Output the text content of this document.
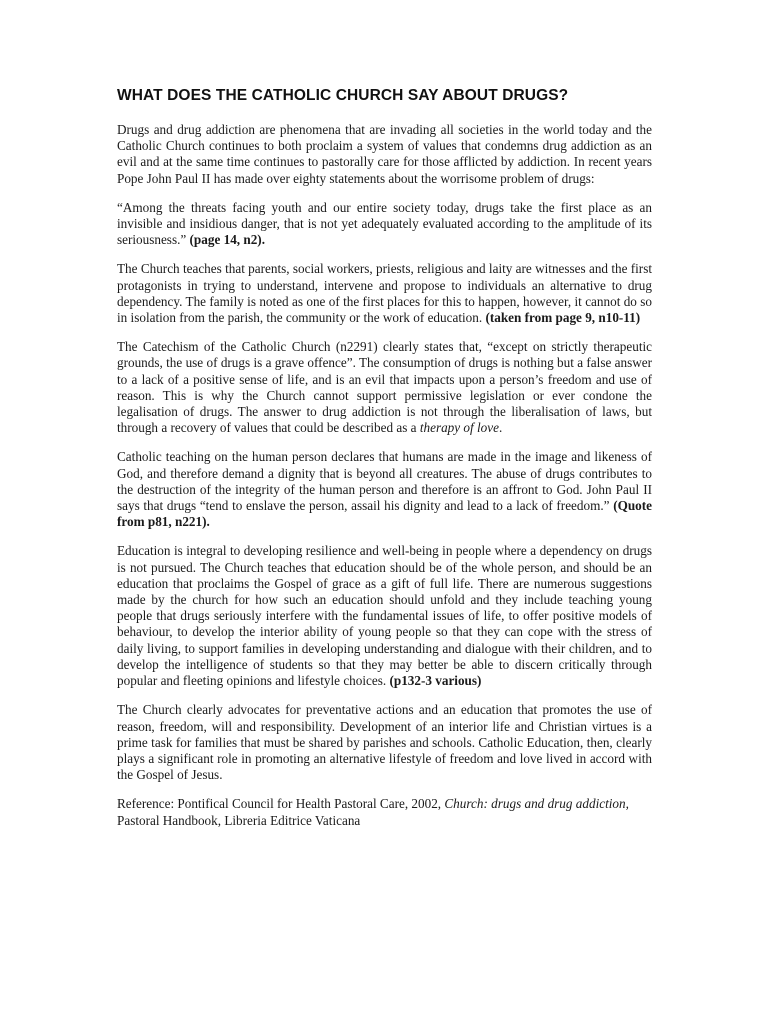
WHAT DOES THE CATHOLIC CHURCH SAY ABOUT DRUGS?

Drugs and drug addiction are phenomena that are invading all societies in the world today and the Catholic Church continues to both proclaim a system of values that condemns drug addiction as an evil and at the same time continues to pastorally care for those afflicted by addiction. In recent years Pope John Paul II has made over eighty statements about the worrisome problem of drugs:

“Among the threats facing youth and our entire society today, drugs take the first place as an invisible and insidious danger, that is not yet adequately evaluated according to the amplitude of its seriousness.” (page 14, n2).

The Church teaches that parents, social workers, priests, religious and laity are witnesses and the first protagonists in trying to understand, intervene and propose to individuals an alternative to drug dependency. The family is noted as one of the first places for this to happen, however, it cannot do so in isolation from the parish, the community or the work of education. (taken from page 9, n10-11)

The Catechism of the Catholic Church (n2291) clearly states that, “except on strictly therapeutic grounds, the use of drugs is a grave offence”. The consumption of drugs is nothing but a false answer to a lack of a positive sense of life, and is an evil that impacts upon a person’s freedom and use of reason. This is why the Church cannot support permissive legislation or ever condone the legalisation of drugs. The answer to drug addiction is not through the liberalisation of laws, but through a recovery of values that could be described as a therapy of love.

Catholic teaching on the human person declares that humans are made in the image and likeness of God, and therefore demand a dignity that is beyond all creatures. The abuse of drugs contributes to the destruction of the integrity of the human person and therefore is an affront to God. John Paul II says that drugs “tend to enslave the person, assail his dignity and lead to a lack of freedom.” (Quote from p81, n221).

Education is integral to developing resilience and well-being in people where a dependency on drugs is not pursued. The Church teaches that education should be of the whole person, and should be an education that proclaims the Gospel of grace as a gift of full life. There are numerous suggestions made by the church for how such an education should unfold and they include teaching young people that drugs seriously interfere with the fundamental issues of life, to offer positive models of behaviour, to develop the interior ability of young people so that they can cope with the stress of daily living, to support families in developing understanding and dialogue with their children, and to develop the intelligence of students so that they may better be able to discern critically through popular and fleeting opinions and lifestyle choices. (p132-3 various)

The Church clearly advocates for preventative actions and an education that promotes the use of reason, freedom, will and responsibility. Development of an interior life and Christian virtues is a prime task for families that must be shared by parishes and schools. Catholic Education, then, clearly plays a significant role in promoting an alternative lifestyle of freedom and love lived in accord with the Gospel of Jesus.

Reference: Pontifical Council for Health Pastoral Care, 2002, Church: drugs and drug addiction, Pastoral Handbook, Libreria Editrice Vaticana
